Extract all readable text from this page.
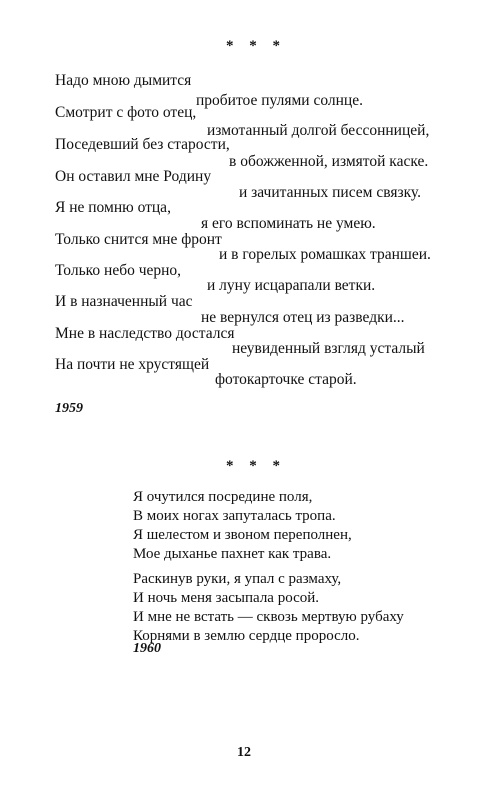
* * *
Надо мною дымится
пробитое пулями солнце.
Смотрит с фото отец,
измотанный долгой бессонницей,
Поседевший без старости,
в обожженной, измятой каске.
Он оставил мне Родину
и зачитанных писем связку.
Я не помню отца,
я его вспоминать не умею.
Только снится мне фронт
и в горелых ромашках траншеи.
Только небо черно,
и луну исцарапали ветки.
И в назначенный час
не вернулся отец из разведки...
Мне в наследство достался
неувиденный взгляд усталый
На почти не хрустящей
фотокарточке старой.
1959
* * *
Я очутился посредине поля,
В моих ногах запуталась тропа.
Я шелестом и звоном переполнен,
Мое дыханье пахнет как трава.
Раскинув руки, я упал с размаху,
И ночь меня засыпала росой.
И мне не встать — сквозь мертвую рубаху
Корнями в землю сердце проросло.
1960
12
